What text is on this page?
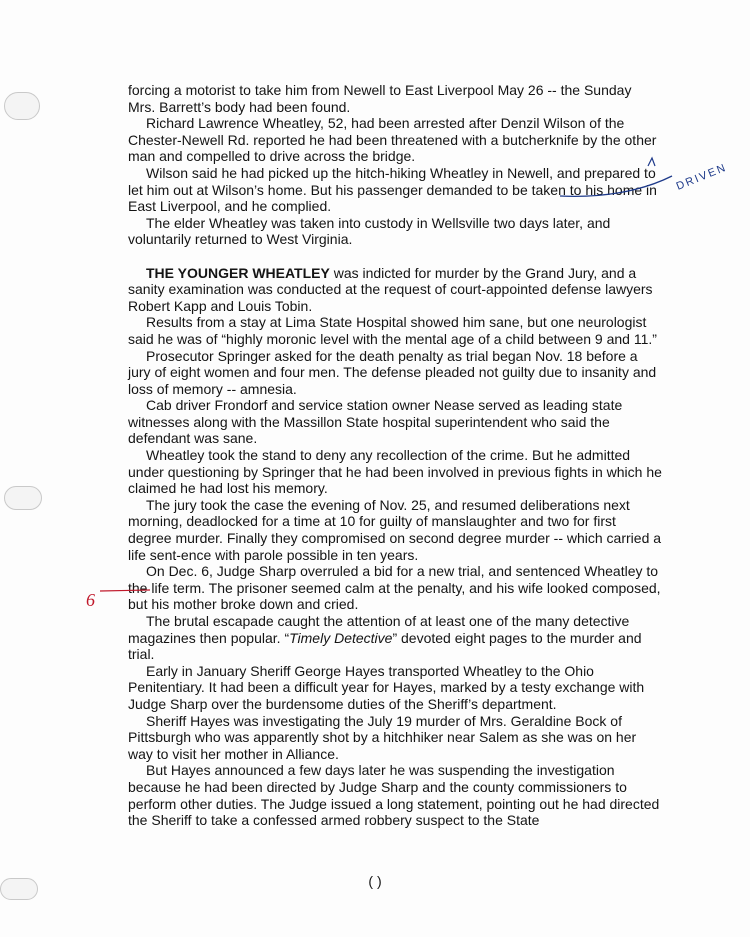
forcing a motorist to take him from Newell to East Liverpool May 26 -- the Sunday Mrs. Barrett’s body had been found.

Richard Lawrence Wheatley, 52, had been arrested after Denzil Wilson of the Chester-Newell Rd. reported he had been threatened with a butcherknife by the other man and compelled to drive across the bridge.

Wilson said he had picked up the hitch-hiking Wheatley in Newell, and prepared to let him out at Wilson’s home. But his passenger demanded to be taken to his home in East Liverpool, and he complied.

The elder Wheatley was taken into custody in Wellsville two days later, and voluntarily returned to West Virginia.

THE YOUNGER WHEATLEY was indicted for murder by the Grand Jury, and a sanity examination was conducted at the request of court-appointed defense lawyers Robert Kapp and Louis Tobin.

Results from a stay at Lima State Hospital showed him sane, but one neurologist said he was of “highly moronic level with the mental age of a child between 9 and 11.”

Prosecutor Springer asked for the death penalty as trial began Nov. 18 before a jury of eight women and four men. The defense pleaded not guilty due to insanity and loss of memory -- amnesia.

Cab driver Frondorf and service station owner Nease served as leading state witnesses along with the Massillon State hospital superintendent who said the defendant was sane.

Wheatley took the stand to deny any recollection of the crime. But he admitted under questioning by Springer that he had been involved in previous fights in which he claimed he had lost his memory.

The jury took the case the evening of Nov. 25, and resumed deliberations next morning, deadlocked for a time at 10 for guilty of manslaughter and two for first degree murder. Finally they compromised on second degree murder -- which carried a life sent-ence with parole possible in ten years.

On Dec. 6, Judge Sharp overruled a bid for a new trial, and sentenced Wheatley to the life term. The prisoner seemed calm at the penalty, and his wife looked composed, but his mother broke down and cried.

The brutal escapade caught the attention of at least one of the many detective magazines then popular. “Timely Detective” devoted eight pages to the murder and trial.

Early in January Sheriff George Hayes transported Wheatley to the Ohio Penitentiary. It had been a difficult year for Hayes, marked by a testy exchange with Judge Sharp over the burdensome duties of the Sheriff’s department.

Sheriff Hayes was investigating the July 19 murder of Mrs. Geraldine Bock of Pittsburgh who was apparently shot by a hitchhiker near Salem as she was on her way to visit her mother in Alliance.

But Hayes announced a few days later he was suspending the investigation because he had been directed by Judge Sharp and the county commissioners to perform other duties. The Judge issued a long statement, pointing out he had directed the Sheriff to take a confessed armed robbery suspect to the State

( )
DRIVEN
6
